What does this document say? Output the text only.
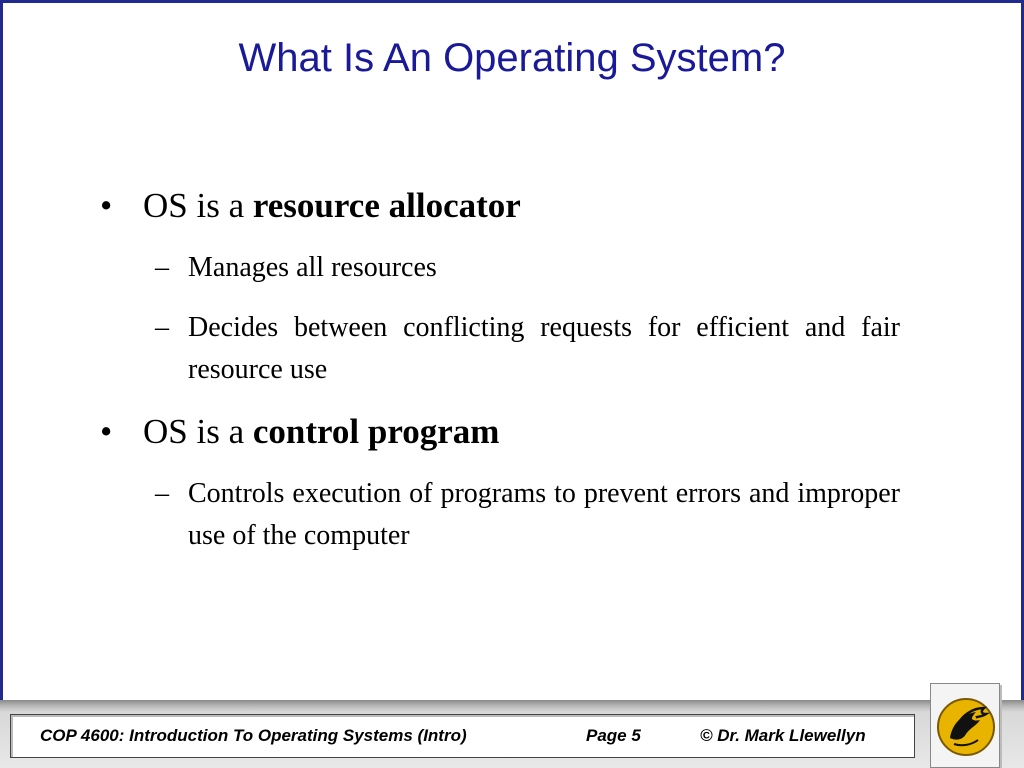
What Is An Operating System?
• OS is a resource allocator
– Manages all resources
– Decides between conflicting requests for efficient and fair resource use
• OS is a control program
– Controls execution of programs to prevent errors and improper use of the computer
COP 4600: Introduction To Operating Systems (Intro)	Page 5	© Dr. Mark Llewellyn
